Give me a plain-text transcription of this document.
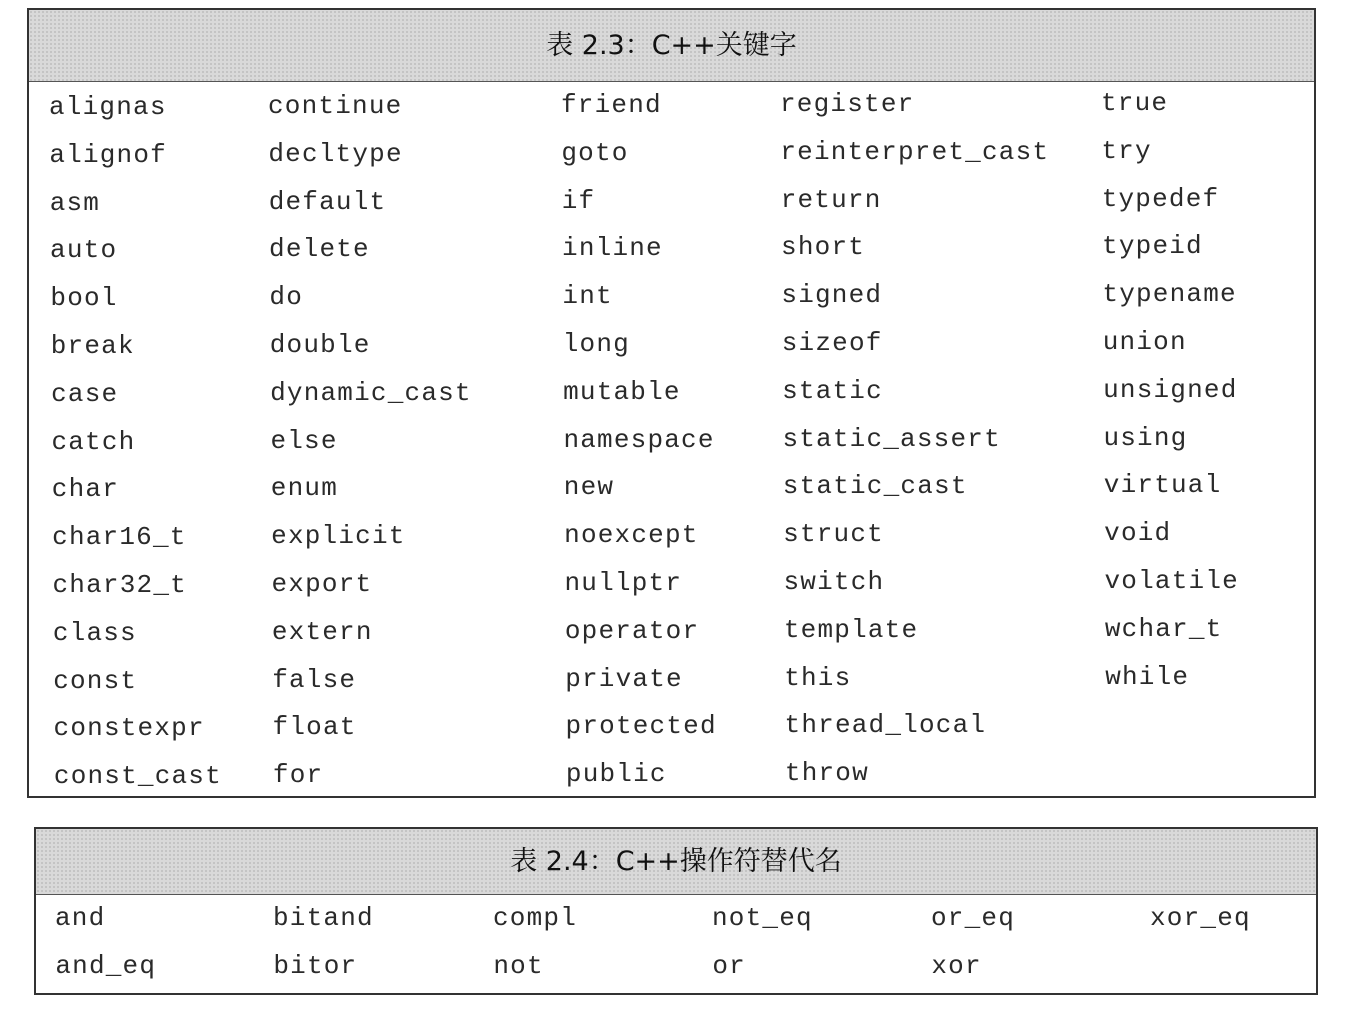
表 2.3：C++关键字
alignas
alignof
asm
auto
bool
break
case
catch
char
char16_t
char32_t
class
const
constexpr
const_cast
continue
decltype
default
delete
do
double
dynamic_cast
else
enum
explicit
export
extern
false
float
for
friend
goto
if
inline
int
long
mutable
namespace
new
noexcept
nullptr
operator
private
protected
public
register
reinterpret_cast
return
short
signed
sizeof
static
static_assert
static_cast
struct
switch
template
this
thread_local
throw
true
try
typedef
typeid
typename
union
unsigned
using
virtual
void
volatile
wchar_t
while
表 2.4：C++操作符替代名
and
and_eq
bitand
bitor
compl
not
not_eq
or
or_eq
xor
xor_eq
